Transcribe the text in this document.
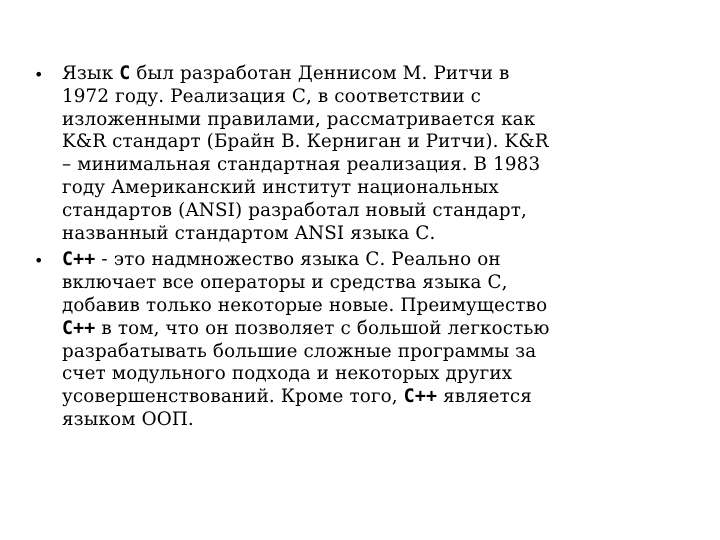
• Язык C был разработан Деннисом М. Ритчи в
1972 году. Реализация С, в соответствии с
изложенными правилами, рассматривается как
K&R стандарт (Брайн В. Керниган и Ритчи). K&R
– минимальная стандартная реализация. В 1983
году Американский институт национальных
стандартов (ANSI) разработал новый стандарт,
названный стандартом ANSI языка С.
• C++ - это надмножество языка С. Реально он
включает все операторы и средства языка С,
добавив только некоторые новые. Преимущество
C++ в том, что он позволяет с большой легкостью
разрабатывать большие сложные программы за
счет модульного подхода и некоторых других
усовершенствований. Кроме того, C++ является
языком ООП.
